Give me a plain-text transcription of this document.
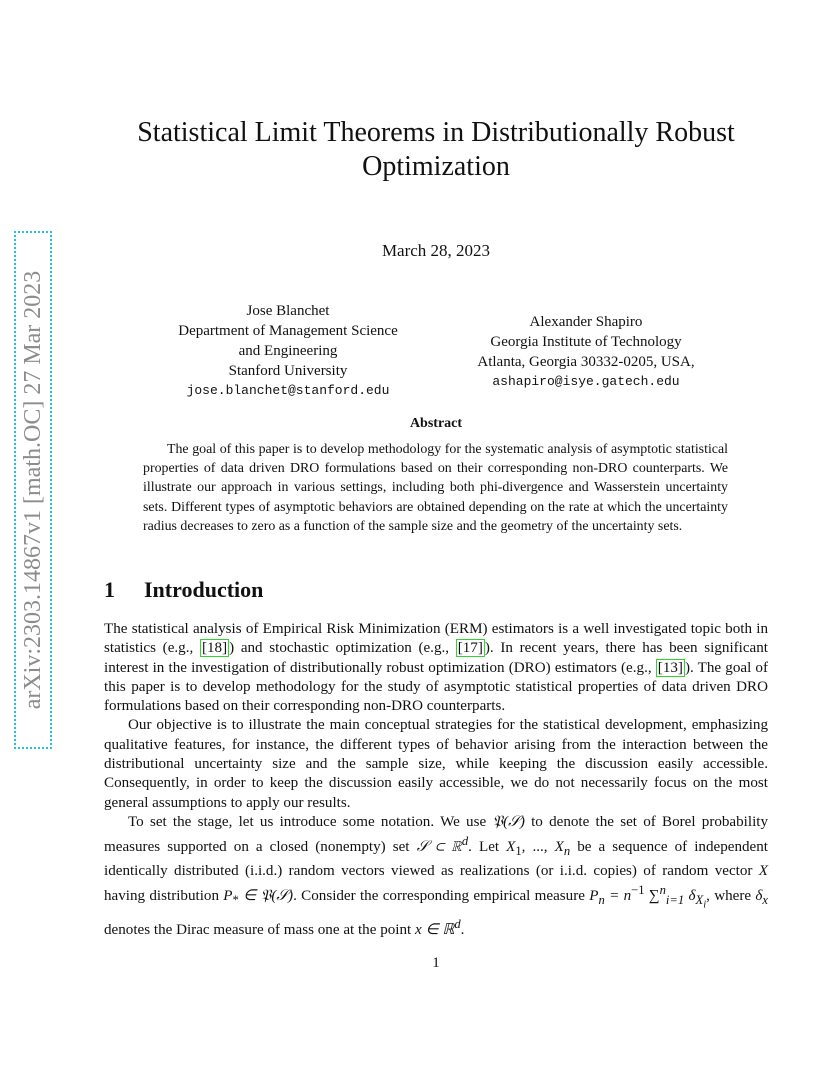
arXiv:2303.14867v1 [math.OC] 27 Mar 2023
Statistical Limit Theorems in Distributionally Robust
Optimization
March 28, 2023
Jose Blanchet
Department of Management Science
and Engineering
Stanford University
jose.blanchet@stanford.edu
Alexander Shapiro
Georgia Institute of Technology
Atlanta, Georgia 30332-0205, USA,
ashapiro@isye.gatech.edu
Abstract

The goal of this paper is to develop methodology for the systematic analysis of asymptotic statistical properties of data driven DRO formulations based on their corresponding non-DRO counterparts. We illustrate our approach in various settings, including both phi-divergence and Wasserstein uncertainty sets. Different types of asymptotic behaviors are obtained depending on the rate at which the uncertainty radius decreases to zero as a function of the sample size and the geometry of the uncertainty sets.

1 Introduction

The statistical analysis of Empirical Risk Minimization (ERM) estimators is a well investigated topic both in statistics (e.g., [18] ) and stochastic optimization (e.g., [17] ). In recent years, there has been significant interest in the investigation of distributionally robust optimization (DRO) estimators (e.g., [13] ). The goal of this paper is to develop methodology for the study of asymptotic statistical properties of data driven DRO formulations based on their corresponding non-DRO counterparts.

Our objective is to illustrate the main conceptual strategies for the statistical development, emphasizing qualitative features, for instance, the different types of behavior arising from the interaction between the distributional uncertainty size and the sample size, while keeping the discussion easily accessible. Consequently, in order to keep the discussion easily accessible, we do not necessarily focus on the most general assumptions to apply our results.

To set the stage, let us introduce some notation. We use 𝔓(𝒮) to denote the set of Borel probability measures supported on a closed (nonempty) set 𝒮 ⊂ ℝ$^d$. Let $X_1$, ..., $X_n$ be a sequence of independent identically distributed (i.i.d.) random vectors viewed as realizations (or i.i.d. copies) of random vector X having distribution $P_*$ ∈ 𝔓(𝒮). Consider the corresponding empirical measure $P_n = n^{-1}$ ∑$^n_{i=1}$ $\delta_{X_i}$, where $\delta_x$ denotes the Dirac measure of mass one at the point x ∈ ℝ$^d$.

1
